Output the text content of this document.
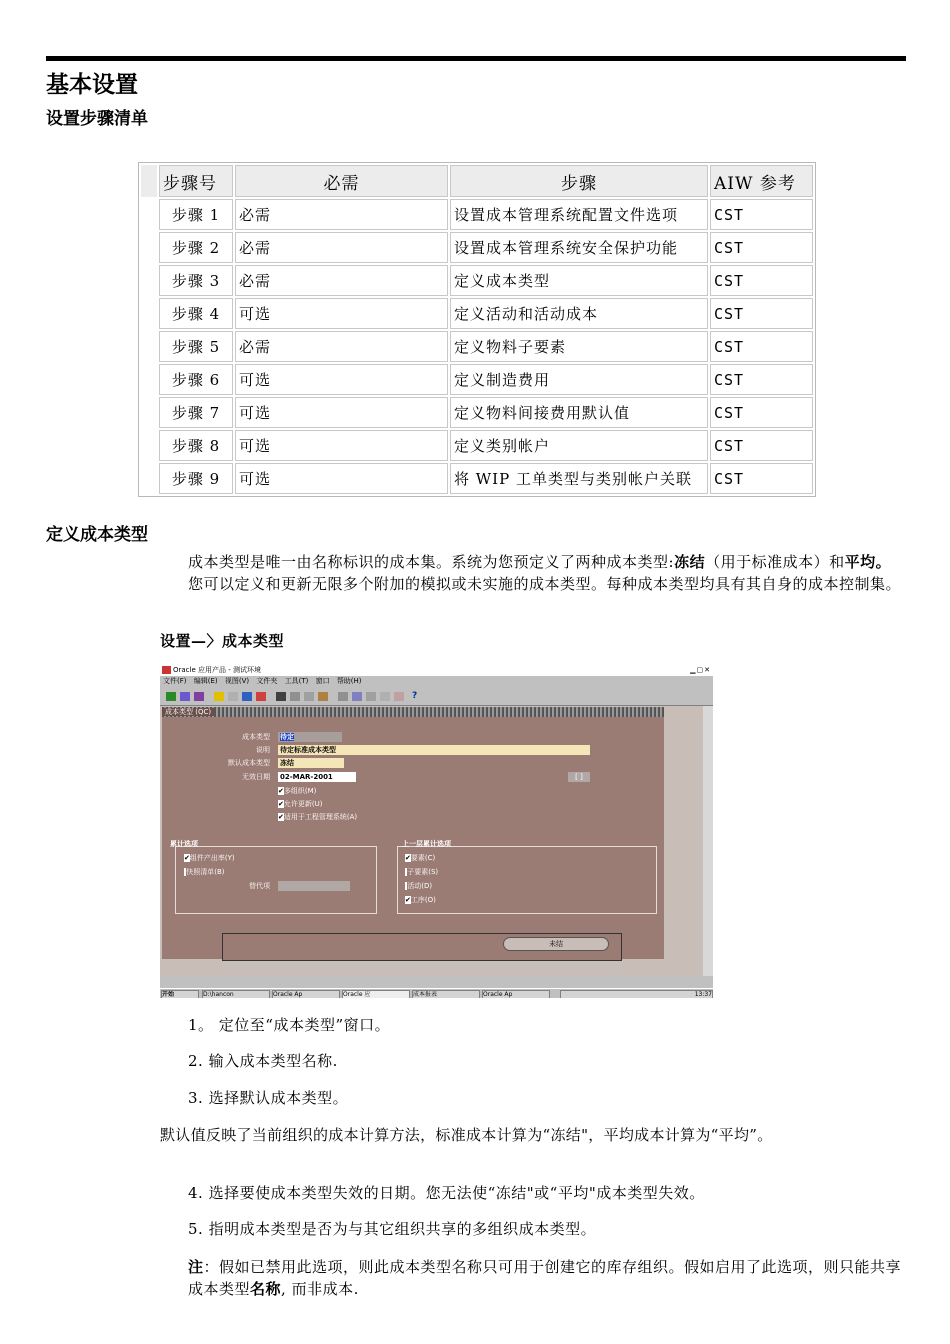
基本设置
设置步骤清单
	步骤号	必需	步骤	AIW 参考
	步骤 1	必需	设置成本管理系统配置文件选项	CST
	步骤 2	必需	设置成本管理系统安全保护功能	CST
	步骤 3	必需	定义成本类型	CST
	步骤 4	可选	定义活动和活动成本	CST
	步骤 5	必需	定义物料子要素	CST
	步骤 6	可选	定义制造费用	CST
	步骤 7	可选	定义物料间接费用默认值	CST
	步骤 8	可选	定义类别帐户	CST
	步骤 9	可选	将 WIP 工单类型与类别帐户关联	CST
定义成本类型
成本类型是唯一由名称标识的成本集。系统为您预定义了两种成本类型:冻结（用于标准成本）和平均。您可以定义和更新无限多个附加的模拟或未实施的成本类型。每种成本类型均具有其自身的成本控制集。
设置—〉成本类型
Oracle 应用产品 - 测试环境	▁▢✕
文件(F) 编辑(E) 视图(V) 文件夹 工具(T) 窗口 帮助(H)
?
成本类型 (QC)
成本类型 待定
说明 待定标准成本类型
默认成本类型 冻结
无效日期 02-MAR-2001	[ ]
✔多组织(M)
✔允许更新(U)
✔适用于工程管理系统(A)
累计选项
✔组件产出率(Y)
快照清单(B)
替代项
上一层累计选项
✔要素(C)
子要素(S)
活动(D)
✔工序(O)
未结
开始	D:\hancon	Oracle Ap	Oracle 应	成本报表	Oracle Ap	13:37
1。 定位至“成本类型”窗口。
2. 输入成本类型名称.
3. 选择默认成本类型。
默认值反映了当前组织的成本计算方法，标准成本计算为“冻结"，平均成本计算为“平均”。
4. 选择要使成本类型失效的日期。您无法使“冻结"或“平均"成本类型失效。
5. 指明成本类型是否为与其它组织共享的多组织成本类型。
注：假如已禁用此选项，则此成本类型名称只可用于创建它的库存组织。假如启用了此选项，则只能共享成本类型名称, 而非成本.
